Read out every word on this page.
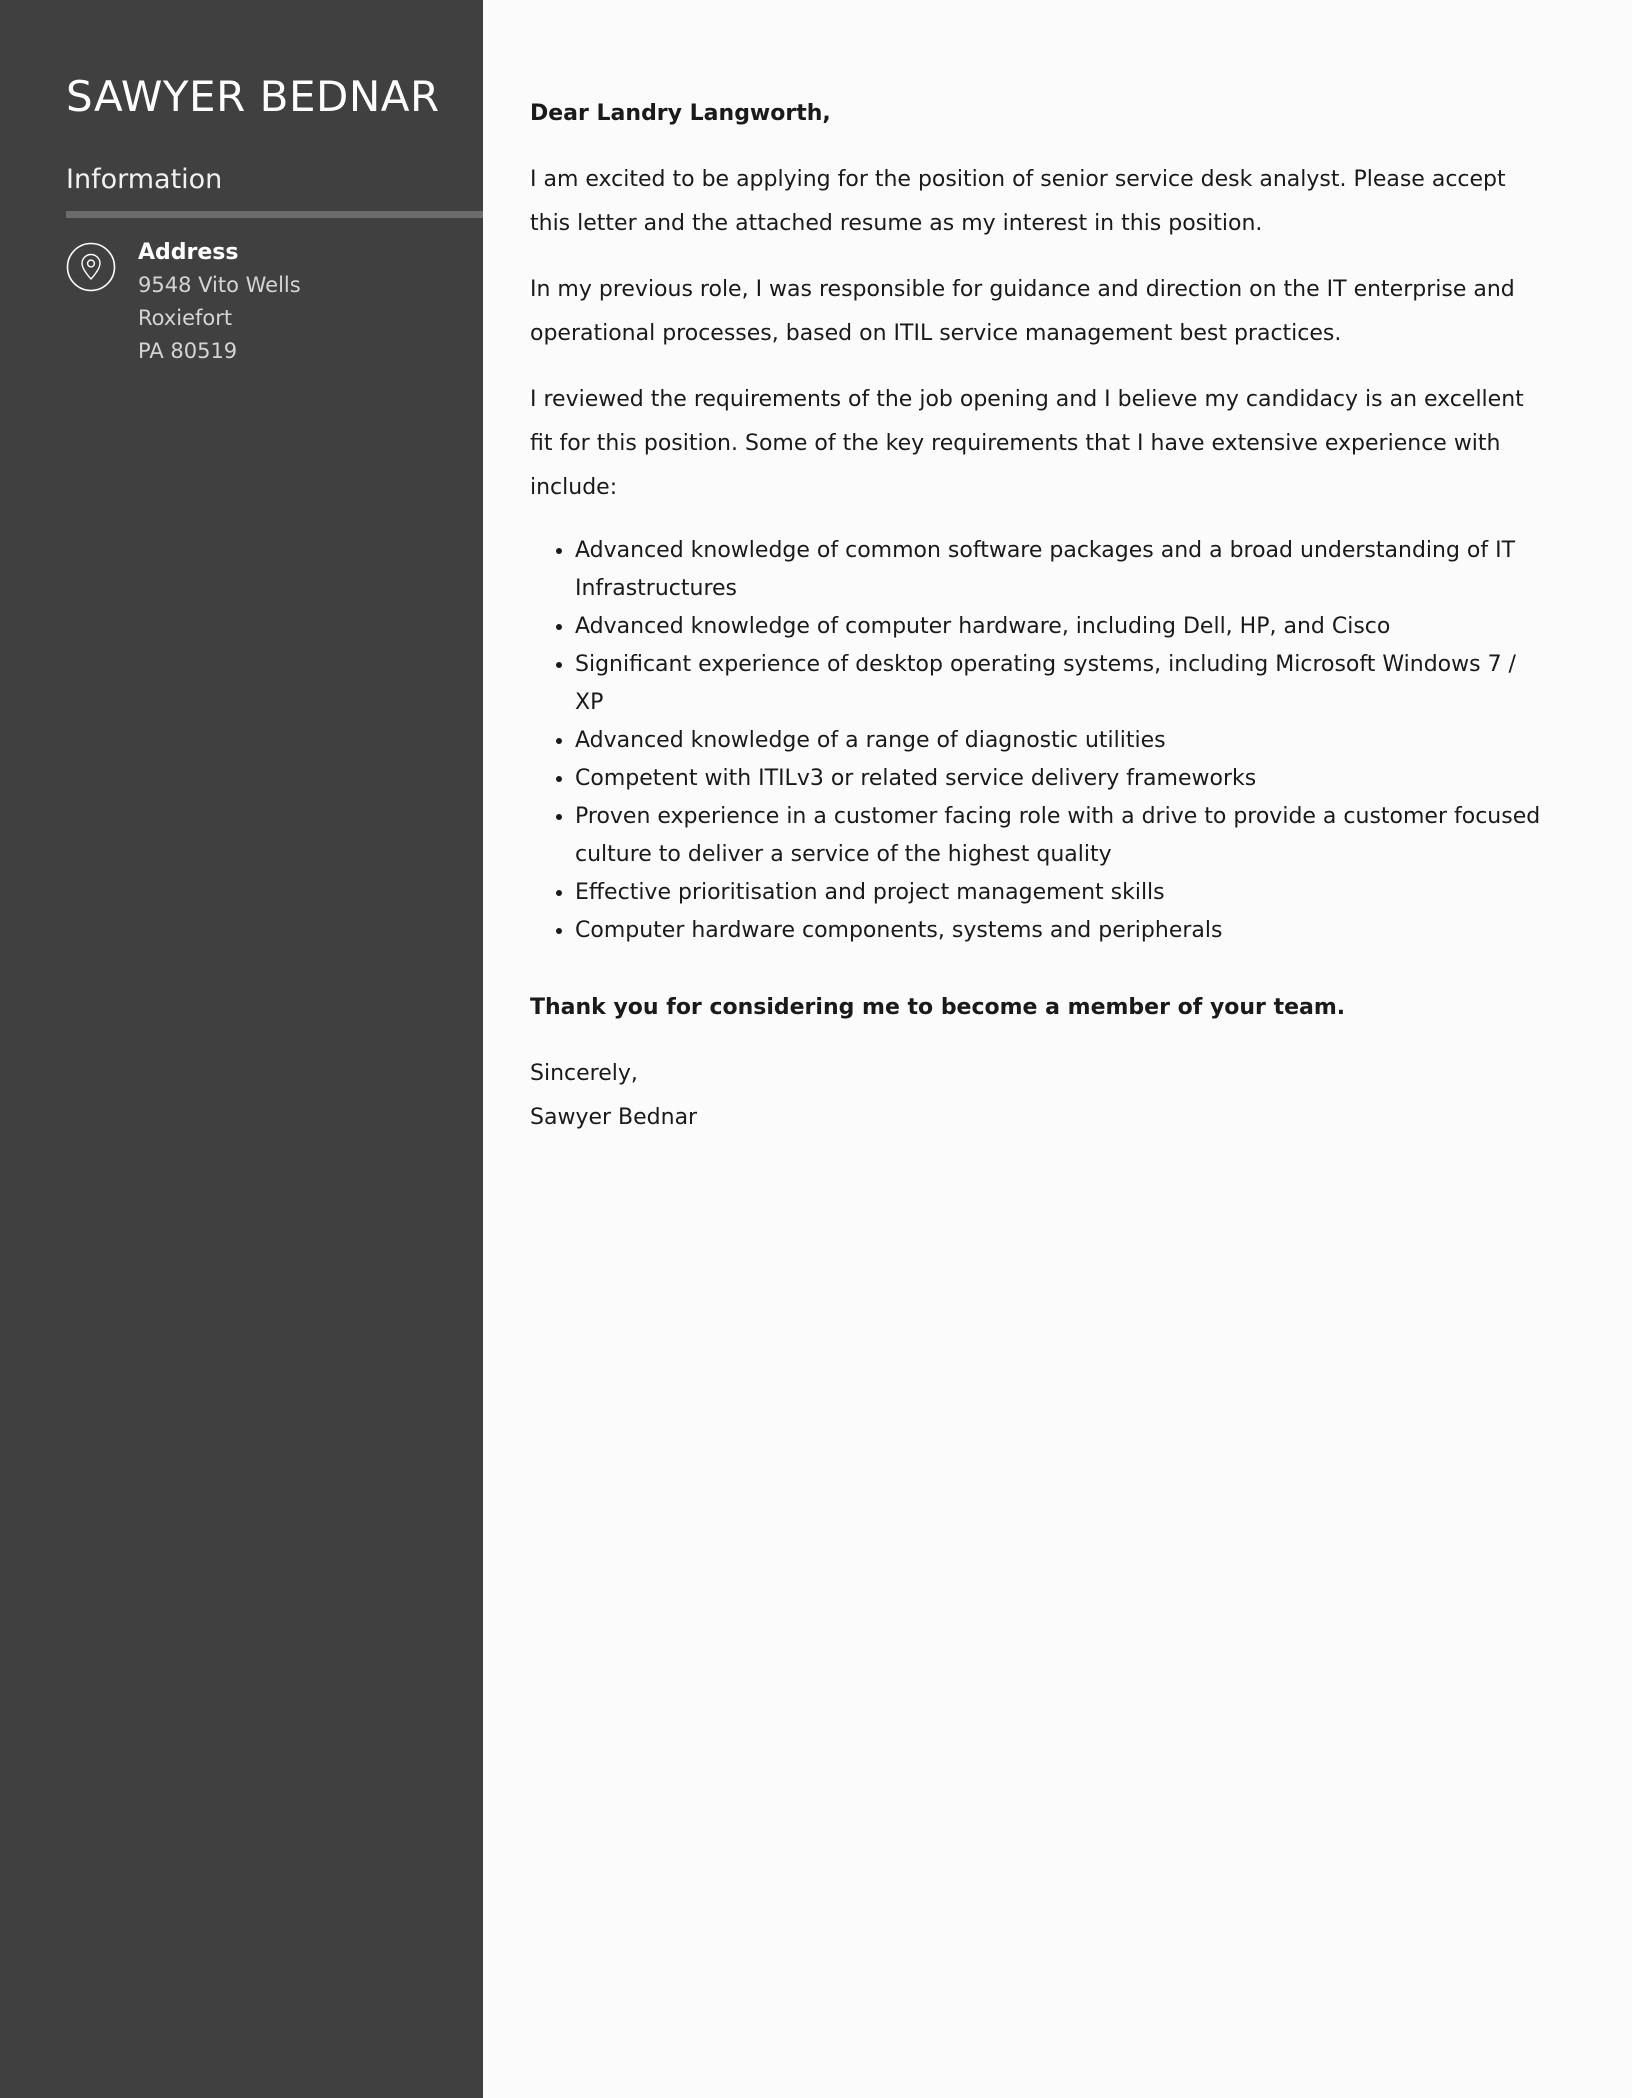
SAWYER BEDNAR
Information
Address
9548 Vito Wells
Roxiefort
PA 80519

Dear Landry Langworth,

I am excited to be applying for the position of senior service desk analyst. Please accept this letter and the attached resume as my interest in this position.

In my previous role, I was responsible for guidance and direction on the IT enterprise and operational processes, based on ITIL service management best practices.

I reviewed the requirements of the job opening and I believe my candidacy is an excellent fit for this position. Some of the key requirements that I have extensive experience with include:

• Advanced knowledge of common software packages and a broad understanding of IT Infrastructures
• Advanced knowledge of computer hardware, including Dell, HP, and Cisco
• Significant experience of desktop operating systems, including Microsoft Windows 7 / XP
• Advanced knowledge of a range of diagnostic utilities
• Competent with ITILv3 or related service delivery frameworks
• Proven experience in a customer facing role with a drive to provide a customer focused culture to deliver a service of the highest quality
• Effective prioritisation and project management skills
• Computer hardware components, systems and peripherals

Thank you for considering me to become a member of your team.

Sincerely,
Sawyer Bednar
